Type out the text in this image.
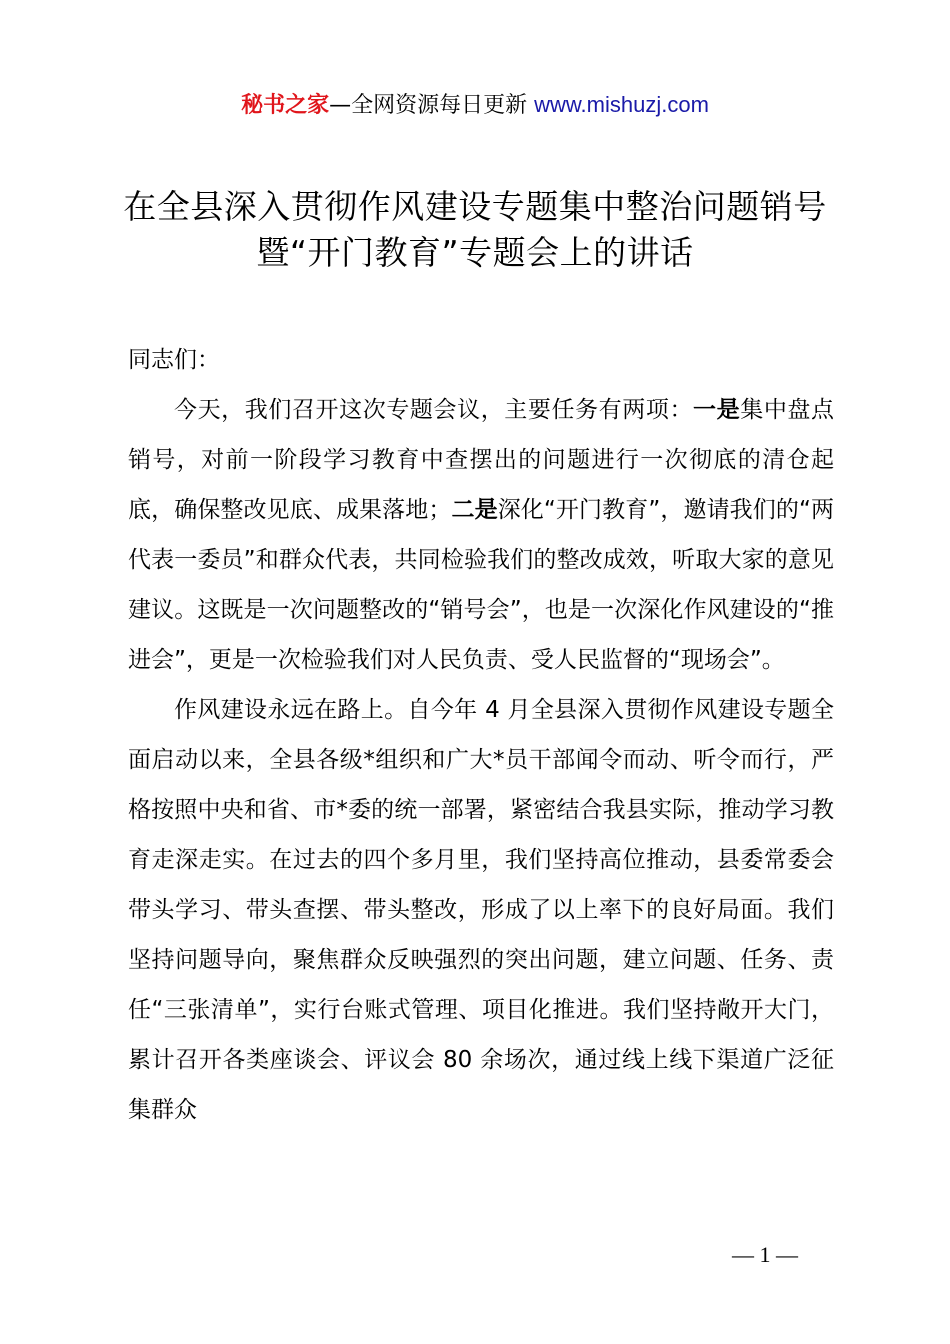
秘书之家—全网资源每日更新 www.mishuzj.com
在全县深入贯彻作风建设专题集中整治问题销号暨“开门教育”专题会上的讲话

同志们：

今天，我们召开这次专题会议，主要任务有两项：一是集中盘点销号，对前一阶段学习教育中查摆出的问题进行一次彻底的清仓起底，确保整改见底、成果落地；二是深化“开门教育”，邀请我们的“两代表一委员”和群众代表，共同检验我们的整改成效，听取大家的意见建议。这既是一次问题整改的“销号会”，也是一次深化作风建设的“推进会”，更是一次检验我们对人民负责、受人民监督的“现场会”。

作风建设永远在路上。自今年 4 月全县深入贯彻作风建设专题全面启动以来，全县各级*组织和广大*员干部闻令而动、听令而行，严格按照中央和省、市*委的统一部署，紧密结合我县实际，推动学习教育走深走实。在过去的四个多月里，我们坚持高位推动，县委常委会带头学习、带头查摆、带头整改，形成了以上率下的良好局面。我们坚持问题导向，聚焦群众反映强烈的突出问题，建立问题、任务、责任“三张清单”，实行台账式管理、项目化推进。我们坚持敞开大门，累计召开各类座谈会、评议会 80 余场次，通过线上线下渠道广泛征集群众

— 1 —
